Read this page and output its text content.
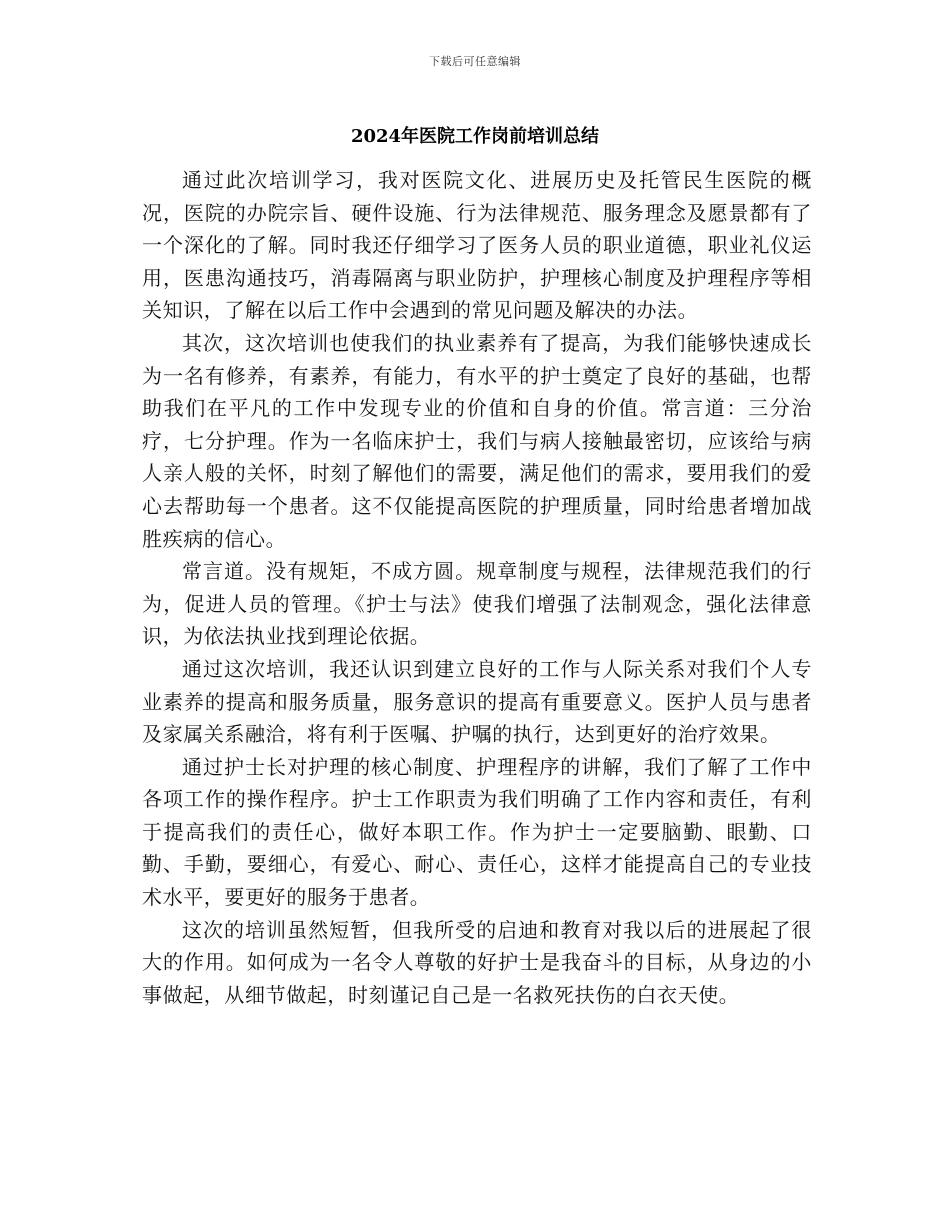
下载后可任意编辑
2024年医院工作岗前培训总结

通过此次培训学习，我对医院文化、进展历史及托管民生医院的概况，医院的办院宗旨、硬件设施、行为法律规范、服务理念及愿景都有了一个深化的了解。同时我还仔细学习了医务人员的职业道德，职业礼仪运用，医患沟通技巧，消毒隔离与职业防护，护理核心制度及护理程序等相关知识，了解在以后工作中会遇到的常见问题及解决的办法。

其次，这次培训也使我们的执业素养有了提高，为我们能够快速成长为一名有修养，有素养，有能力，有水平的护士奠定了良好的基础，也帮助我们在平凡的工作中发现专业的价值和自身的价值。常言道：三分治疗，七分护理。作为一名临床护士，我们与病人接触最密切，应该给与病人亲人般的关怀，时刻了解他们的需要，满足他们的需求，要用我们的爱心去帮助每一个患者。这不仅能提高医院的护理质量，同时给患者增加战胜疾病的信心。

常言道。没有规矩，不成方圆。规章制度与规程，法律规范我们的行为，促进人员的管理。《护士与法》使我们增强了法制观念，强化法律意识，为依法执业找到理论依据。

通过这次培训，我还认识到建立良好的工作与人际关系对我们个人专业素养的提高和服务质量，服务意识的提高有重要意义。医护人员与患者及家属关系融洽，将有利于医嘱、护嘱的执行，达到更好的治疗效果。

通过护士长对护理的核心制度、护理程序的讲解，我们了解了工作中各项工作的操作程序。护士工作职责为我们明确了工作内容和责任，有利于提高我们的责任心，做好本职工作。作为护士一定要脑勤、眼勤、口勤、手勤，要细心，有爱心、耐心、责任心，这样才能提高自己的专业技术水平，要更好的服务于患者。

这次的培训虽然短暂，但我所受的启迪和教育对我以后的进展起了很大的作用。如何成为一名令人尊敬的好护士是我奋斗的目标，从身边的小事做起，从细节做起，时刻谨记自己是一名救死扶伤的白衣天使。
